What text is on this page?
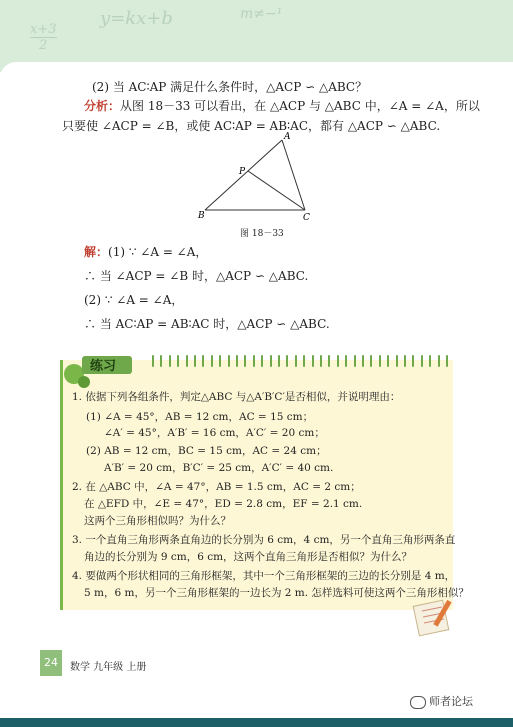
x+3
2
y=kx+b	m≠−¹
(2) 当 AC∶AP 满足什么条件时，△ACP ∽ △ABC？
分析：从图 18－33 可以看出，在 △ACP 与 △ABC 中，∠A = ∠A，所以
只要使 ∠ACP = ∠B，或使 AC∶AP = AB∶AC，都有 △ACP ∽ △ABC.
A
B	C
P
图 18－33
解：(1) ∵ ∠A = ∠A，
∴ 当 ∠ACP = ∠B 时，△ACP ∽ △ABC.
(2) ∵ ∠A = ∠A，
∴ 当 AC∶AP = AB∶AC 时，△ACP ∽ △ABC.
练习
1. 依据下列各组条件，判定△ABC 与△A′B′C′是否相似，并说明理由：
(1) ∠A = 45°，AB = 12 cm，AC = 15 cm；
∠A′ = 45°，A′B′ = 16 cm，A′C′ = 20 cm；
(2) AB = 12 cm，BC = 15 cm，AC = 24 cm；
A′B′ = 20 cm，B′C′ = 25 cm，A′C′ = 40 cm.
2. 在 △ABC 中，∠A = 47°，AB = 1.5 cm，AC = 2 cm；
在 △EFD 中，∠E = 47°，ED = 2.8 cm，EF = 2.1 cm.
这两个三角形相似吗？为什么？
3. 一个直角三角形两条直角边的长分别为 6 cm，4 cm，另一个直角三角形两条直
角边的长分别为 9 cm，6 cm，这两个直角三角形是否相似？为什么？
4. 要做两个形状相同的三角形框架，其中一个三角形框架的三边的长分别是 4 m，
5 m，6 m，另一个三角形框架的一边长为 2 m. 怎样选料可使这两个三角形相似？
24	数学 九年级 上册
师者论坛
